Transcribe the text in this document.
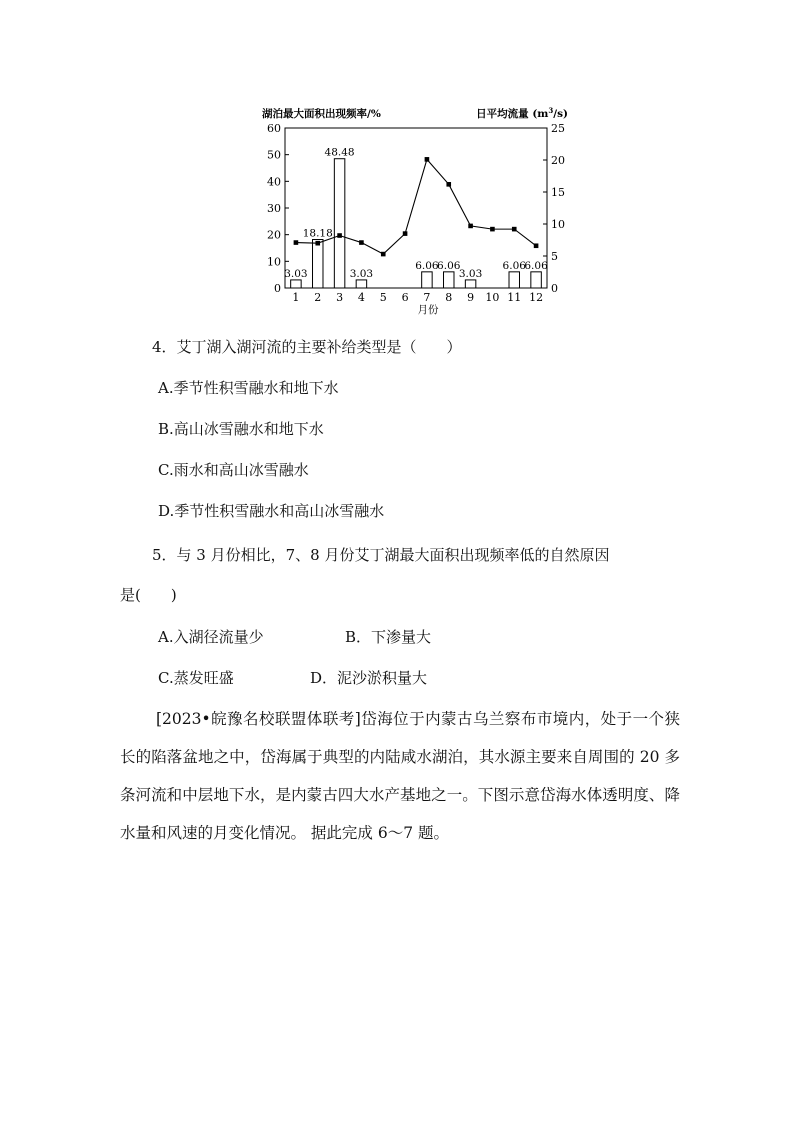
湖泊最大面积出现频率/%	日平均流量 $(m^3/s)$
0
10
20
30
40
50
60
0
5
10
15
20
25
1
3.03
2
18.18
3
48.48
4
3.03
5 6 7
6.06
8
6.06
9
3.03
10 11
6.06
12
6.06
月份
4．艾丁湖入湖河流的主要补给类型是（　　）
A.季节性积雪融水和地下水
B.高山冰雪融水和地下水
C.雨水和高山冰雪融水
D.季节性积雪融水和高山冰雪融水
5．与 3 月份相比，7、8 月份艾丁湖最大面积出现频率低的自然原因
是(　　)
A.入湖径流量少	B．下渗量大
C.蒸发旺盛	D．泥沙淤积量大
[2023•皖豫名校联盟体联考]岱海位于内蒙古乌兰察布市境内，处于一个狭长的陷落盆地之中，岱海属于典型的内陆咸水湖泊，其水源主要来自周围的 20 多条河流和中层地下水，是内蒙古四大水产基地之一。下图示意岱海水体透明度、降水量和风速的月变化情况。 据此完成 6～7 题。
